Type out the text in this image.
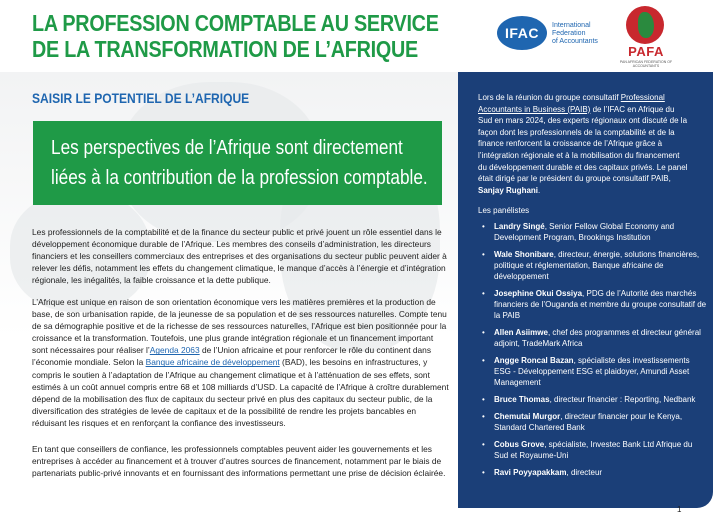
LA PROFESSION COMPTABLE AU SERVICE
DE LA TRANSFORMATION DE L’AFRIQUE
IFAC	International
Federation
of Accountants
PAFA
PAN AFRICAN FEDERATION OF ACCOUNTANTS
SAISIR LE POTENTIEL DE L’AFRIQUE
Les perspectives de l’Afrique sont directement
liées à la contribution de la profession comptable.

Les professionnels de la comptabilité et de la finance du secteur public et privé jouent un rôle essentiel dans le développement économique durable de l’Afrique. Les membres des conseils d’administration, les directeurs financiers et les conseillers commerciaux des entreprises et des organisations du secteur public peuvent aider à relever les défis, notamment les effets du changement climatique, le manque d’accès à l’énergie et d’intégration régionale, les inégalités, la faible croissance et la dette publique.

L’Afrique est unique en raison de son orientation économique vers les matières premières et la production de base, de son urbanisation rapide, de la jeunesse de sa population et de ses ressources naturelles. Compte tenu de sa démographie positive et de la richesse de ses ressources naturelles, l’Afrique est bien positionnée pour la croissance et la transformation. Toutefois, une plus grande intégration régionale et un financement important sont nécessaires pour réaliser l’Agenda 2063 de l’Union africaine et pour renforcer le rôle du continent dans l’économie mondiale. Selon la Banque africaine de développement (BAD), les besoins en infrastructures, y compris le soutien à l’adaptation de l’Afrique au changement climatique et à l’atténuation de ses effets, sont estimés à un coût annuel compris entre 68 et 108 milliards d’USD. La capacité de l’Afrique à croître durablement dépend de la mobilisation des flux de capitaux du secteur privé en plus des capitaux du secteur public, de la diversification des stratégies de levée de capitaux et de la possibilité de rendre les projets bancables en réduisant les risques et en renforçant la confiance des investisseurs.

En tant que conseillers de confiance, les professionnels comptables peuvent aider les gouvernements et les entreprises à accéder au financement et à trouver d’autres sources de financement, notamment par le biais de partenariats public-privé innovants et en fournissant des informations permettant une prise de décision éclairée.

Lors de la réunion du groupe consultatif Professional Accountants in Business (PAIB) de l’IFAC en Afrique du Sud en mars 2024, des experts régionaux ont discuté de la façon dont les professionnels de la comptabilité et de la finance renforcent la croissance de l’Afrique grâce à l’intégration régionale et à la mobilisation du financement du développement durable et des capitaux privés. Le panel était dirigé par le président du groupe consultatif PAIB, Sanjay Rughani.

Les panélistes
• Landry Singé, Senior Fellow Global Economy and Development Program, Brookings Institution
• Wale Shonibare, directeur, énergie, solutions financières, politique et réglementation, Banque africaine de développement
• Josephine Okui Ossiya, PDG de l’Autorité des marchés financiers de l’Ouganda et membre du groupe consultatif de la PAIB
• Allen Asiimwe, chef des programmes et directeur général adjoint, TradeMark Africa
• Angge Roncal Bazan, spécialiste des investissements ESG - Développement ESG et plaidoyer, Amundi Asset Management
• Bruce Thomas, directeur financier : Reporting, Nedbank
• Chemutai Murgor, directeur financier pour le Kenya, Standard Chartered Bank
• Cobus Grove, spécialiste, Investec Bank Ltd Afrique du Sud et Royaume-Uni
• Ravi Poyyapakkam, directeur
1
